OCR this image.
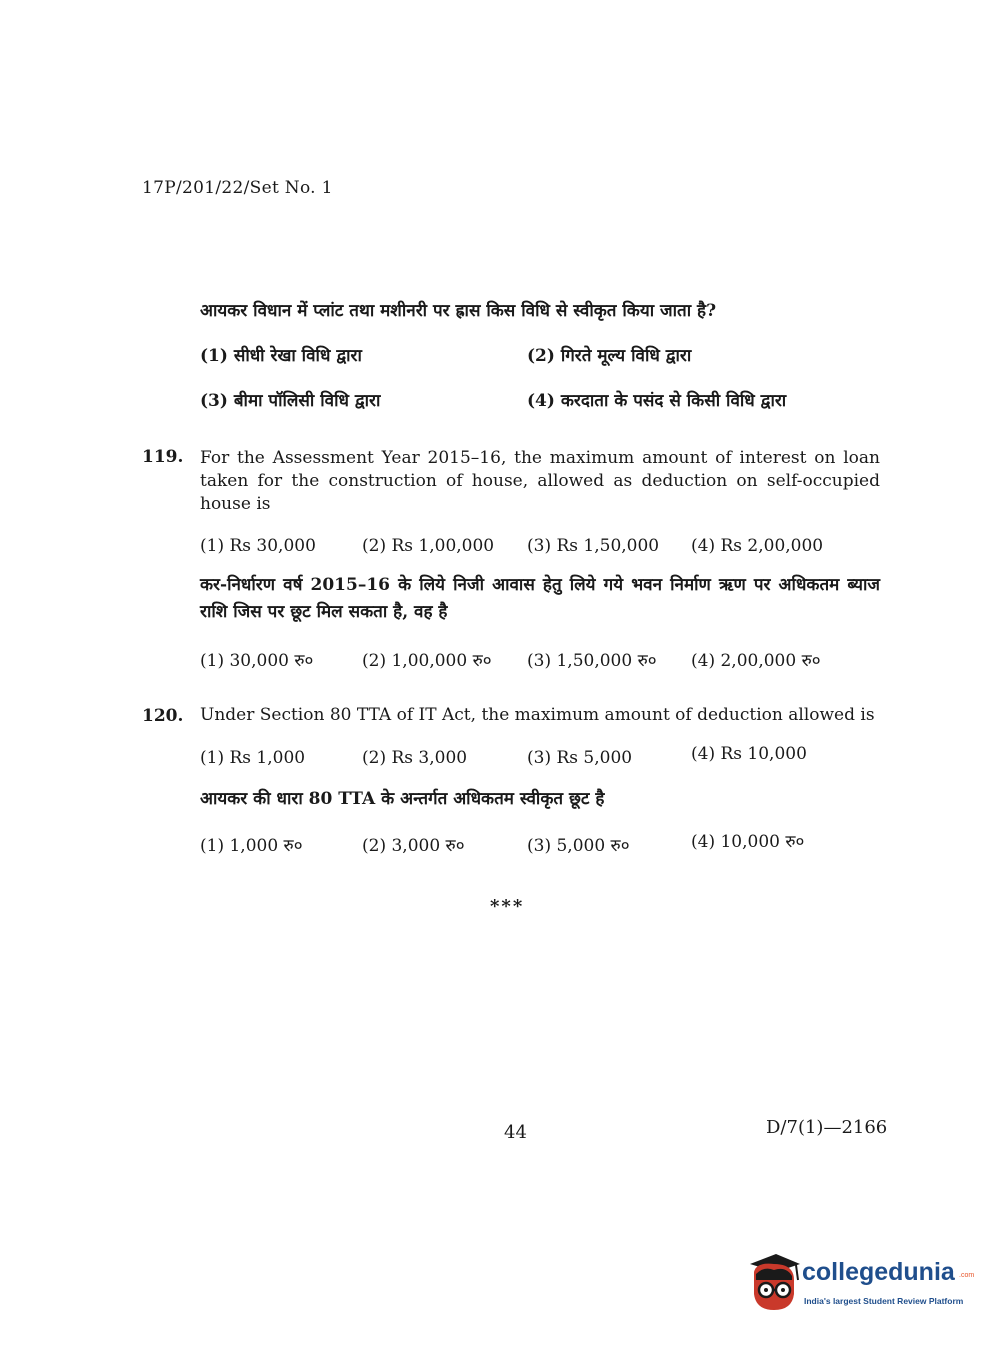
17P/201/22/Set No. 1
आयकर विधान में प्लांट तथा मशीनरी पर ह्रास किस विधि से स्वीकृत किया जाता है?
(1) सीधी रेखा विधि द्वारा	(2) गिरते मूल्य विधि द्वारा
(3) बीमा पॉलिसी विधि द्वारा	(4) करदाता के पसंद से किसी विधि द्वारा
119. For the Assessment Year 2015–16, the maximum amount of interest on loan taken for the construction of house, allowed as deduction on self-occupied house is
(1) Rs 30,000	(2) Rs 1,00,000 (3) Rs 1,50,000 (4) Rs 2,00,000
कर-निर्धारण वर्ष 2015–16 के लिये निजी आवास हेतु लिये गये भवन निर्माण ऋण पर अधिकतम ब्याज राशि जिस पर छूट मिल सकता है, वह है
(1) 30,000 रु०	(2) 1,00,000 रु० (3) 1,50,000 रु० (4) 2,00,000 रु०
120. Under Section 80 TTA of IT Act, the maximum amount of deduction allowed is
(1) Rs 1,000	(2) Rs 3,000	(3) Rs 5,000	(4) Rs 10,000
आयकर की धारा 80 TTA के अन्तर्गत अधिकतम स्वीकृत छूट है
(1) 1,000 रु०	(2) 3,000 रु०	(3) 5,000 रु०	(4) 10,000 रु०
***
44	D/7(1)—2166
collegedunia .com
India's largest Student Review Platform
